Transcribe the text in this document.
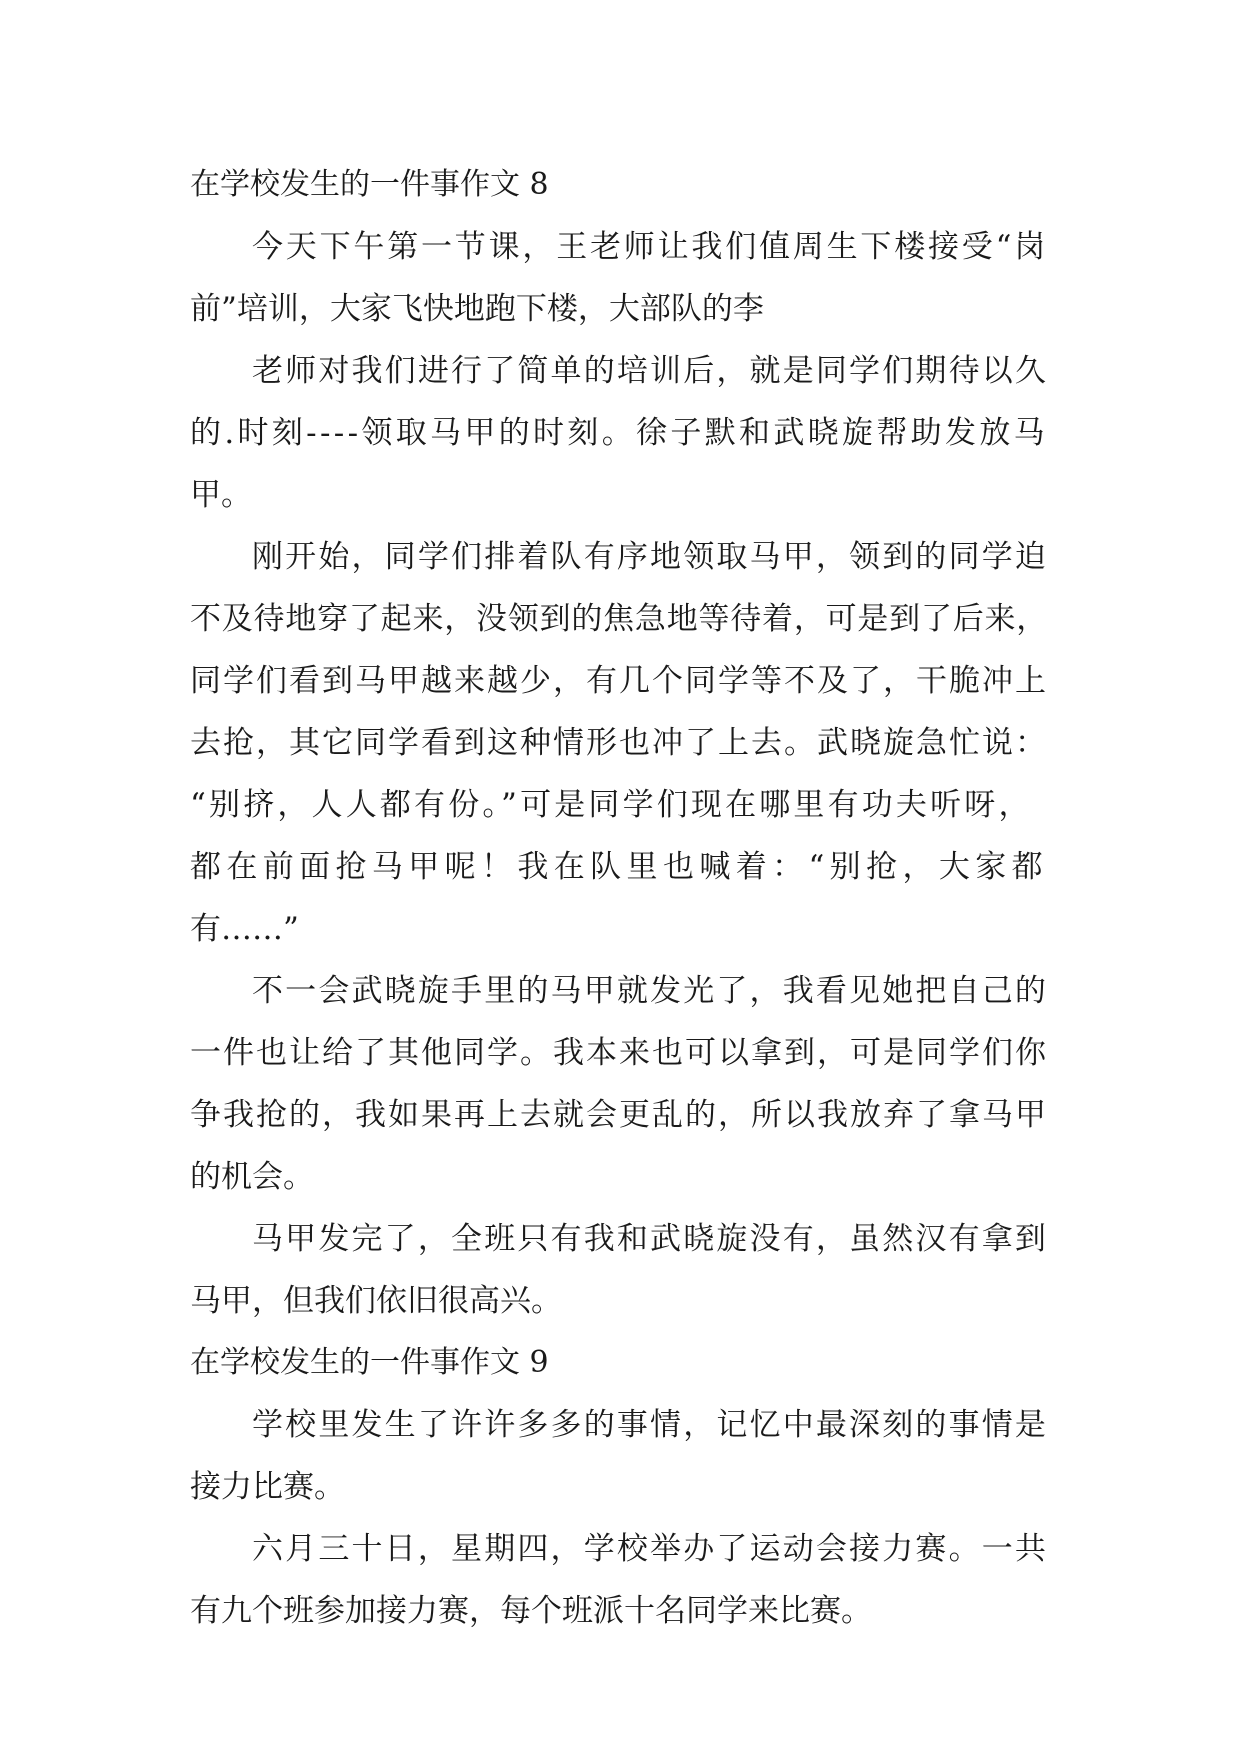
在学校发生的一件事作文 8
今天下午第一节课，王老师让我们值周生下楼接受“岗
前”培训，大家飞快地跑下楼，大部队的李
老师对我们进行了简单的培训后，就是同学们期待以久
的.时刻----领取马甲的时刻。徐子默和武晓旋帮助发放马
甲。
刚开始，同学们排着队有序地领取马甲，领到的同学迫
不及待地穿了起来，没领到的焦急地等待着，可是到了后来，
同学们看到马甲越来越少，有几个同学等不及了，干脆冲上
去抢，其它同学看到这种情形也冲了上去。武晓旋急忙说：
“别挤，人人都有份。”可是同学们现在哪里有功夫听呀，
都在前面抢马甲呢！我在队里也喊着：“别抢，大家都
有……”
不一会武晓旋手里的马甲就发光了，我看见她把自己的
一件也让给了其他同学。我本来也可以拿到，可是同学们你
争我抢的，我如果再上去就会更乱的，所以我放弃了拿马甲
的机会。
马甲发完了，全班只有我和武晓旋没有，虽然汉有拿到
马甲，但我们依旧很高兴。
在学校发生的一件事作文 9
学校里发生了许许多多的事情，记忆中最深刻的事情是
接力比赛。
六月三十日，星期四，学校举办了运动会接力赛。一共
有九个班参加接力赛，每个班派十名同学来比赛。
